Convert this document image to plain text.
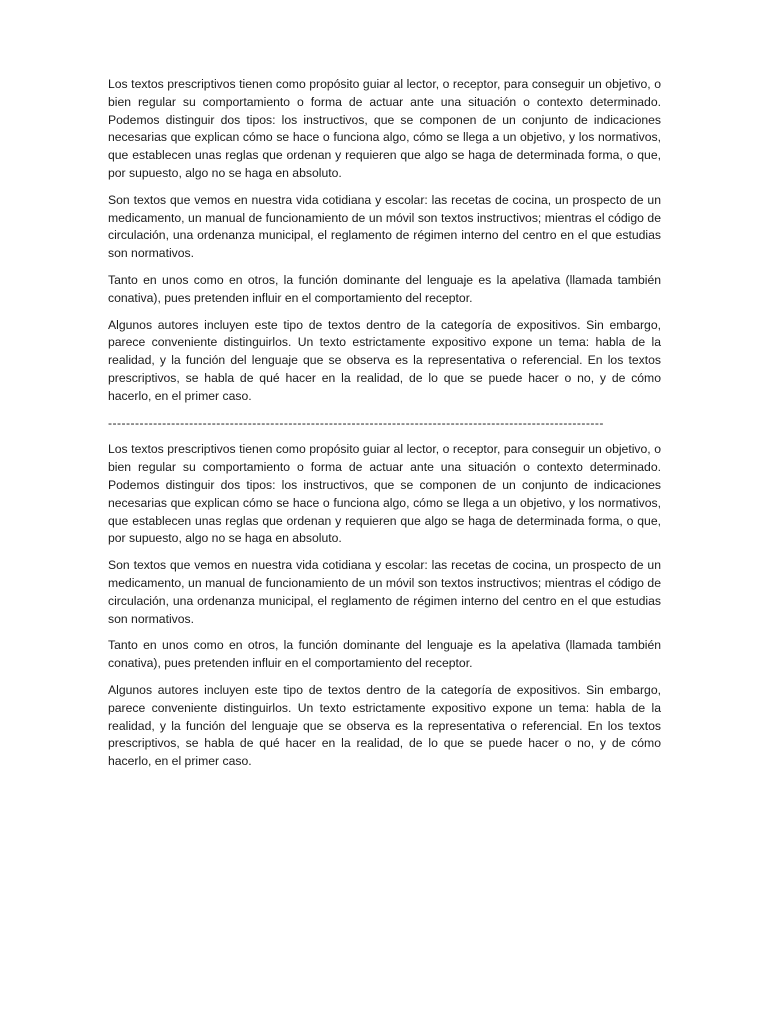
Los textos prescriptivos tienen como propósito guiar al lector, o receptor, para conseguir un objetivo, o bien regular su comportamiento o forma de actuar ante una situación o contexto determinado. Podemos distinguir dos tipos: los instructivos, que se componen de un conjunto de indicaciones necesarias que explican cómo se hace o funciona algo, cómo se llega a un objetivo, y los normativos, que establecen unas reglas que ordenan y requieren que algo se haga de determinada forma, o que, por supuesto, algo no se haga en absoluto.

Son textos que vemos en nuestra vida cotidiana y escolar: las recetas de cocina, un prospecto de un medicamento, un manual de funcionamiento de un móvil son textos instructivos; mientras el código de circulación, una ordenanza municipal, el reglamento de régimen interno del centro en el que estudias son normativos.

Tanto en unos como en otros, la función dominante del lenguaje es la apelativa (llamada también conativa), pues pretenden influir en el comportamiento del receptor.

Algunos autores incluyen este tipo de textos dentro de la categoría de expositivos. Sin embargo, parece conveniente distinguirlos. Un texto estrictamente expositivo expone un tema: habla de la realidad, y la función del lenguaje que se observa es la representativa o referencial. En los textos prescriptivos, se habla de qué hacer en la realidad, de lo que se puede hacer o no, y de cómo hacerlo, en el primer caso.

--------------------------------------------------------------------------------------------------------------

Los textos prescriptivos tienen como propósito guiar al lector, o receptor, para conseguir un objetivo, o bien regular su comportamiento o forma de actuar ante una situación o contexto determinado. Podemos distinguir dos tipos: los instructivos, que se componen de un conjunto de indicaciones necesarias que explican cómo se hace o funciona algo, cómo se llega a un objetivo, y los normativos, que establecen unas reglas que ordenan y requieren que algo se haga de determinada forma, o que, por supuesto, algo no se haga en absoluto.

Son textos que vemos en nuestra vida cotidiana y escolar: las recetas de cocina, un prospecto de un medicamento, un manual de funcionamiento de un móvil son textos instructivos; mientras el código de circulación, una ordenanza municipal, el reglamento de régimen interno del centro en el que estudias son normativos.

Tanto en unos como en otros, la función dominante del lenguaje es la apelativa (llamada también conativa), pues pretenden influir en el comportamiento del receptor.

Algunos autores incluyen este tipo de textos dentro de la categoría de expositivos. Sin embargo, parece conveniente distinguirlos. Un texto estrictamente expositivo expone un tema: habla de la realidad, y la función del lenguaje que se observa es la representativa o referencial. En los textos prescriptivos, se habla de qué hacer en la realidad, de lo que se puede hacer o no, y de cómo hacerlo, en el primer caso.
